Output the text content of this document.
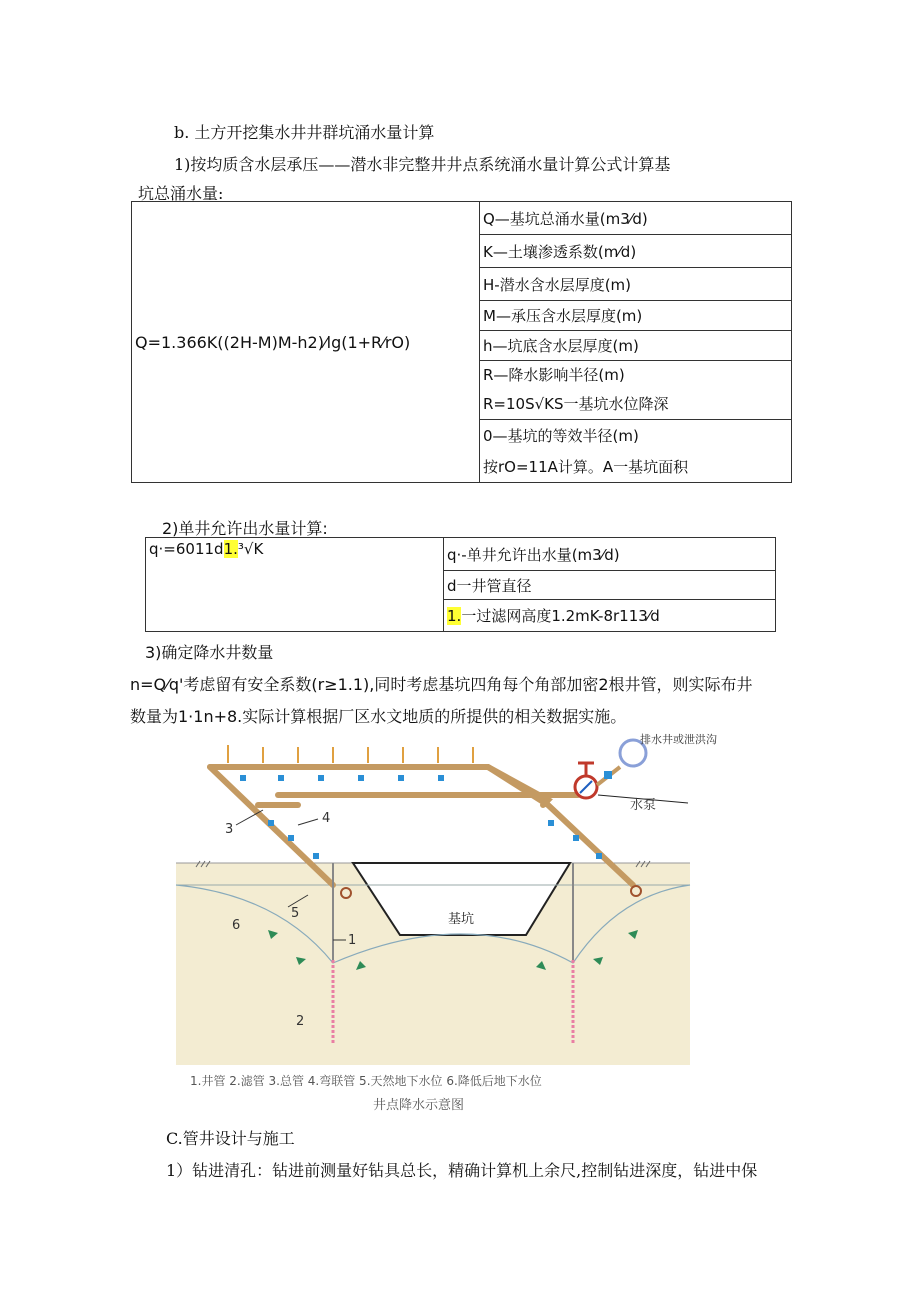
b. 土方开挖集水井井群坑涌水量计算
1)按均质含水层承压——潜水非完整井井点系统涌水量计算公式计算基
坑总涌水量:
Q=1.366K((2H-M)M-h2)⁄lg(1+R⁄rO)	Q—基坑总涌水量(m3⁄d)
K—土壤渗透系数(m⁄d)
H-潜水含水层厚度(m)
M—承压含水层厚度(m)
h—坑底含水层厚度(m)

R—降水影响半径(m)
R=10S√KS一基坑水位降深

0—基坑的等效半径(m)
按rO=11A计算。A一基坑面积
2)单井允许出水量计算:
q·=6011d1.³√K	q·-单井允许出水量(m3⁄d)
d一井管直径
1.一过滤网高度1.2mK-8r113⁄d
3)确定降水井数量
n=Q⁄q'考虑留有安全系数(r≥1.1),同时考虑基坑四角每个角部加密2根井管，则实际布井
数量为1·1n+8.实际计算根据厂区水文地质的所提供的相关数据实施。
排水井或泄洪沟
水泵
基坑
1
2
3
4
5
6
1.井管 2.滤管 3.总管 4.弯联管 5.天然地下水位 6.降低后地下水位
井点降水示意图
C.管井设计与施工
1）钻进清孔：钻进前测量好钻具总长，精确计算机上余尺,控制钻进深度，钻进中保
